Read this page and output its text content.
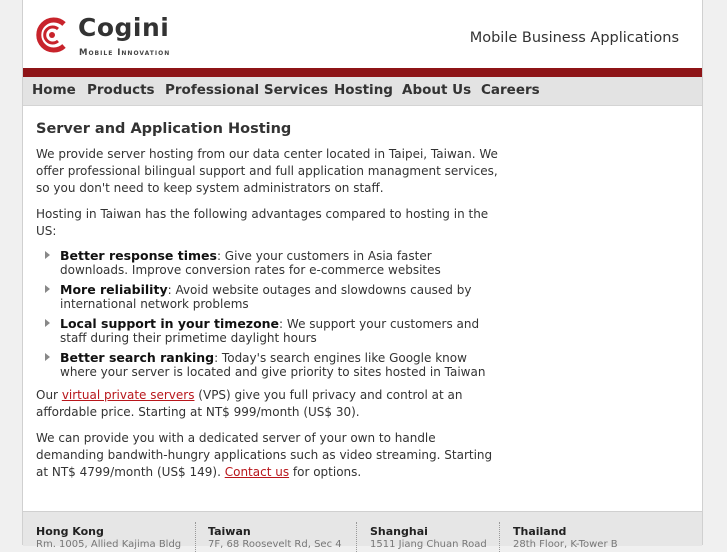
Cogini
Mobile Innovation
Mobile Business Applications
Home Products Professional Services Hosting About Us Careers
Server and Application Hosting

We provide server hosting from our data center located in Taipei, Taiwan. We offer professional bilingual support and full application managment services, so you don't need to keep system administrators on staff.

Hosting in Taiwan has the following advantages compared to hosting in the US:

Better response times: Give your customers in Asia faster downloads. Improve conversion rates for e-commerce websites
More reliability: Avoid website outages and slowdowns caused by international network problems
Local support in your timezone: We support your customers and staff during their primetime daylight hours
Better search ranking: Today's search engines like Google know where your server is located and give priority to sites hosted in Taiwan

Our virtual private servers (VPS) give you full privacy and control at an affordable price. Starting at NT$ 999/month (US$ 30).

We can provide you with a dedicated server of your own to handle demanding bandwith-hungry applications such as video streaming. Starting at NT$ 4799/month (US$ 149). Contact us for options.

Hong Kong
Rm. 1005, Allied Kajima Bldg
Taiwan
7F, 68 Roosevelt Rd, Sec 4
Shanghai
1511 Jiang Chuan Road
Thailand
28th Floor, K-Tower B
